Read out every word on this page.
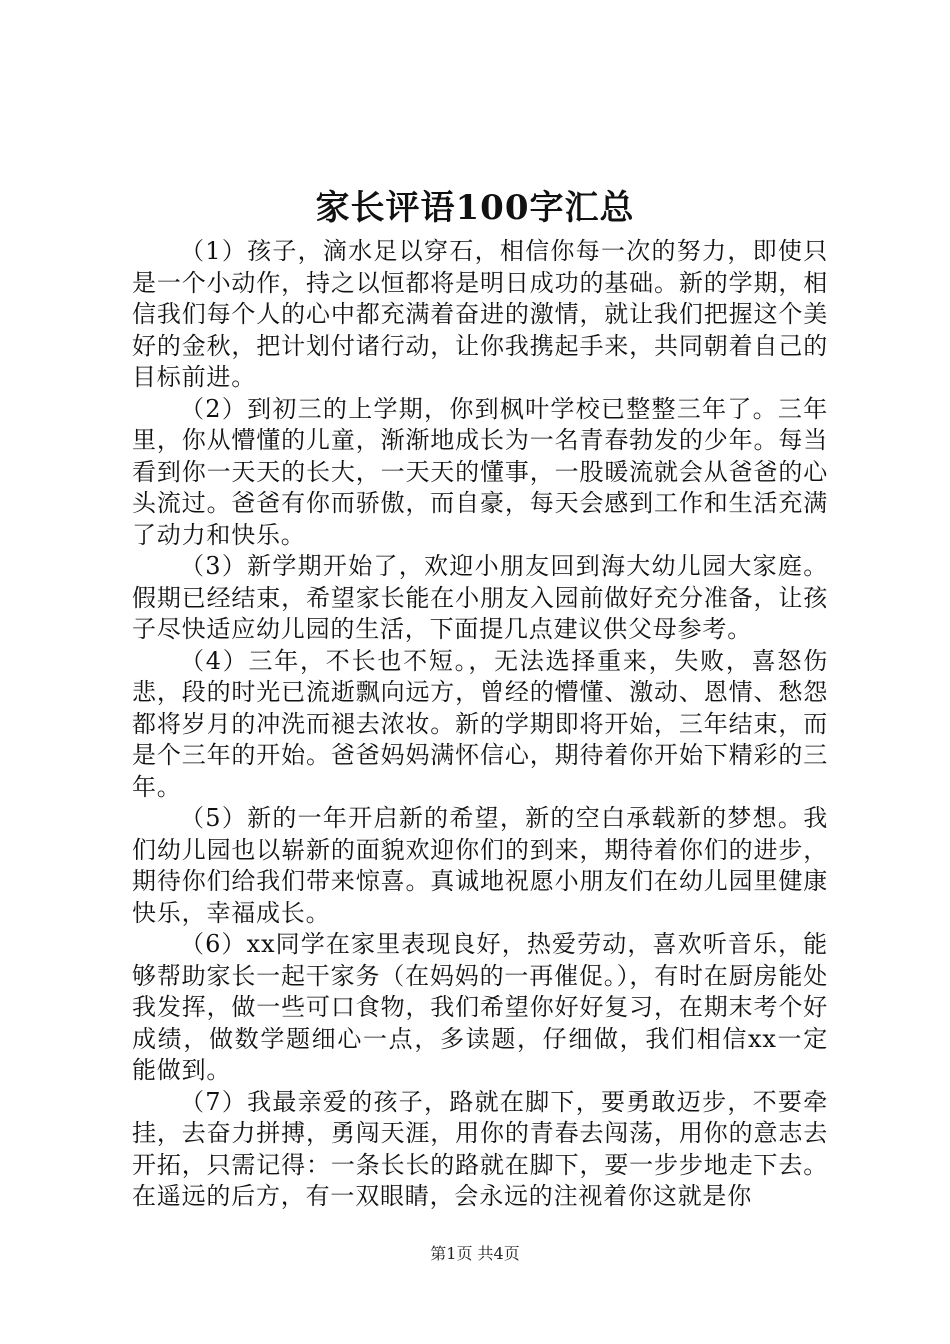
家长评语100字汇总

（1）孩子，滴水足以穿石，相信你每一次的努力，即使只是一个小动作，持之以恒都将是明日成功的基础。新的学期，相信我们每个人的心中都充满着奋进的激情，就让我们把握这个美好的金秋，把计划付诸行动，让你我携起手来，共同朝着自己的目标前进。

（2）到初三的上学期，你到枫叶学校已整整三年了。三年里，你从懵懂的儿童，渐渐地成长为一名青春勃发的少年。每当看到你一天天的长大，一天天的懂事，一股暖流就会从爸爸的心头流过。爸爸有你而骄傲，而自豪，每天会感到工作和生活充满了动力和快乐。

（3）新学期开始了，欢迎小朋友回到海大幼儿园大家庭。假期已经结束，希望家长能在小朋友入园前做好充分准备，让孩子尽快适应幼儿园的生活，下面提几点建议供父母参考。

（4）三年，不长也不短。，无法选择重来，失败，喜怒伤悲，段的时光已流逝飘向远方，曾经的懵懂、激动、恩情、愁怨都将岁月的冲洗而褪去浓妆。新的学期即将开始，三年结束，而是个三年的开始。爸爸妈妈满怀信心，期待着你开始下精彩的三年。

（5）新的一年开启新的希望，新的空白承载新的梦想。我们幼儿园也以崭新的面貌欢迎你们的到来，期待着你们的进步，期待你们给我们带来惊喜。真诚地祝愿小朋友们在幼儿园里健康快乐，幸福成长。

（6）xx同学在家里表现良好，热爱劳动，喜欢听音乐，能够帮助家长一起干家务（在妈妈的一再催促。），有时在厨房能处我发挥，做一些可口食物，我们希望你好好复习，在期末考个好成绩，做数学题细心一点，多读题，仔细做，我们相信xx一定能做到。

（7）我最亲爱的孩子，路就在脚下，要勇敢迈步，不要牵挂，去奋力拼搏，勇闯天涯，用你的青春去闯荡，用你的意志去开拓，只需记得：一条长长的路就在脚下，要一步步地走下去。在遥远的后方，有一双眼睛，会永远的注视着你这就是你

第1页 共4页
